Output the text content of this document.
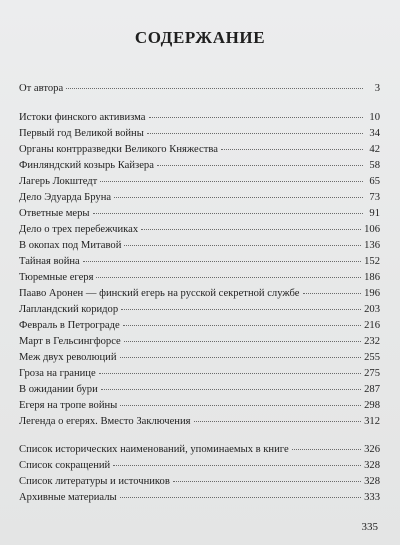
СОДЕРЖАНИЕ
От автора	3
Истоки финского активизма	10
Первый год Великой войны	34
Органы контрразведки Великого Княжества	42
Финляндский козырь Кайзера	58
Лагерь Локштедт	65
Дело Эдуарда Бруна	73
Ответные меры	91
Дело о трех перебежчиках	106
В окопах под Митавой	136
Тайная война	152
Тюремные егеря	186
Пааво Аронен — финский егерь на русской секретной службе	196
Лапландский коридор	203
Февраль в Петрограде	216
Март в Гельсингфорсе	232
Меж двух революций	255
Гроза на границе	275
В ожидании бури	287
Егеря на тропе войны	298
Легенда о егерях. Вместо Заключения	312
Список исторических наименований, упоминаемых в книге	326
Список сокращений	328
Список литературы и источников	328
Архивные материалы	333
335
